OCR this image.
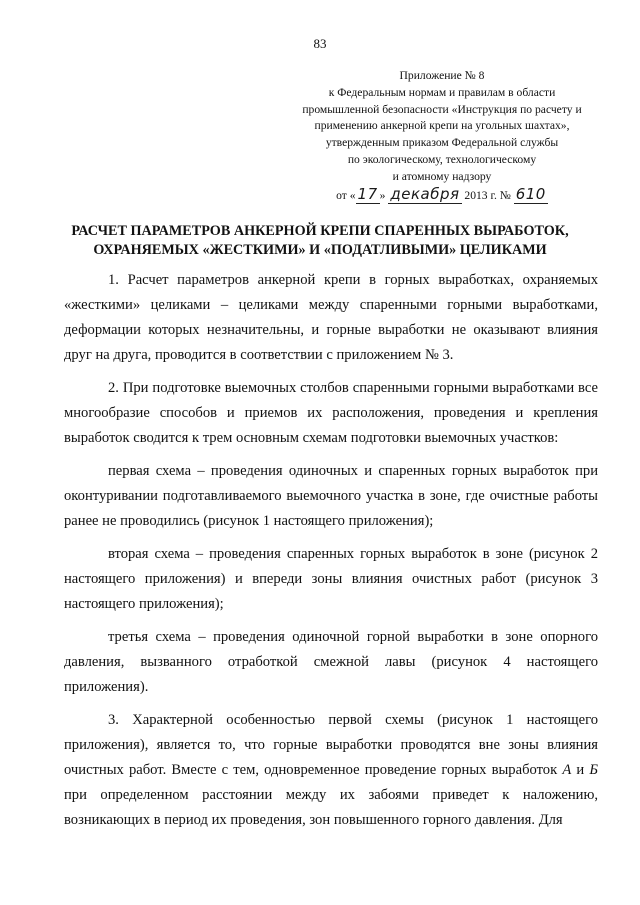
83
Приложение № 8
к Федеральным нормам и правилам в области
промышленной безопасности «Инструкция по расчету и
применению анкерной крепи на угольных шахтах»,
утвержденным приказом Федеральной службы
по экологическому, технологическому
и атомному надзору
от « 17 » декабря 2013 г. № 610
РАСЧЕТ ПАРАМЕТРОВ АНКЕРНОЙ КРЕПИ СПАРЕННЫХ ВЫРАБОТОК,
ОХРАНЯЕМЫХ «ЖЕСТКИМИ» И «ПОДАТЛИВЫМИ» ЦЕЛИКАМИ

1. Расчет параметров анкерной крепи в горных выработках, охраняемых «жесткими» целиками – целиками между спаренными горными выработками, деформации которых незначительны, и горные выработки не оказывают влияния друг на друга, проводится в соответствии с приложением № 3.

2. При подготовке выемочных столбов спаренными горными выработками все многообразие способов и приемов их расположения, проведения и крепления выработок сводится к трем основным схемам подготовки выемочных участков:

первая схема – проведения одиночных и спаренных горных выработок при оконтуривании подготавливаемого выемочного участка в зоне, где очистные работы ранее не проводились (рисунок 1 настоящего приложения);

вторая схема – проведения спаренных горных выработок в зоне (рисунок 2 настоящего приложения) и впереди зоны влияния очистных работ (рисунок 3 настоящего приложения);

третья схема – проведения одиночной горной выработки в зоне опорного давления, вызванного отработкой смежной лавы (рисунок 4 настоящего приложения).

3. Характерной особенностью первой схемы (рисунок 1 настоящего приложения), является то, что горные выработки проводятся вне зоны влияния очистных работ. Вместе с тем, одновременное проведение горных выработок А и Б при определенном расстоянии между их забоями приведет к наложению, возникающих в период их проведения, зон повышенного горного давления. Для
